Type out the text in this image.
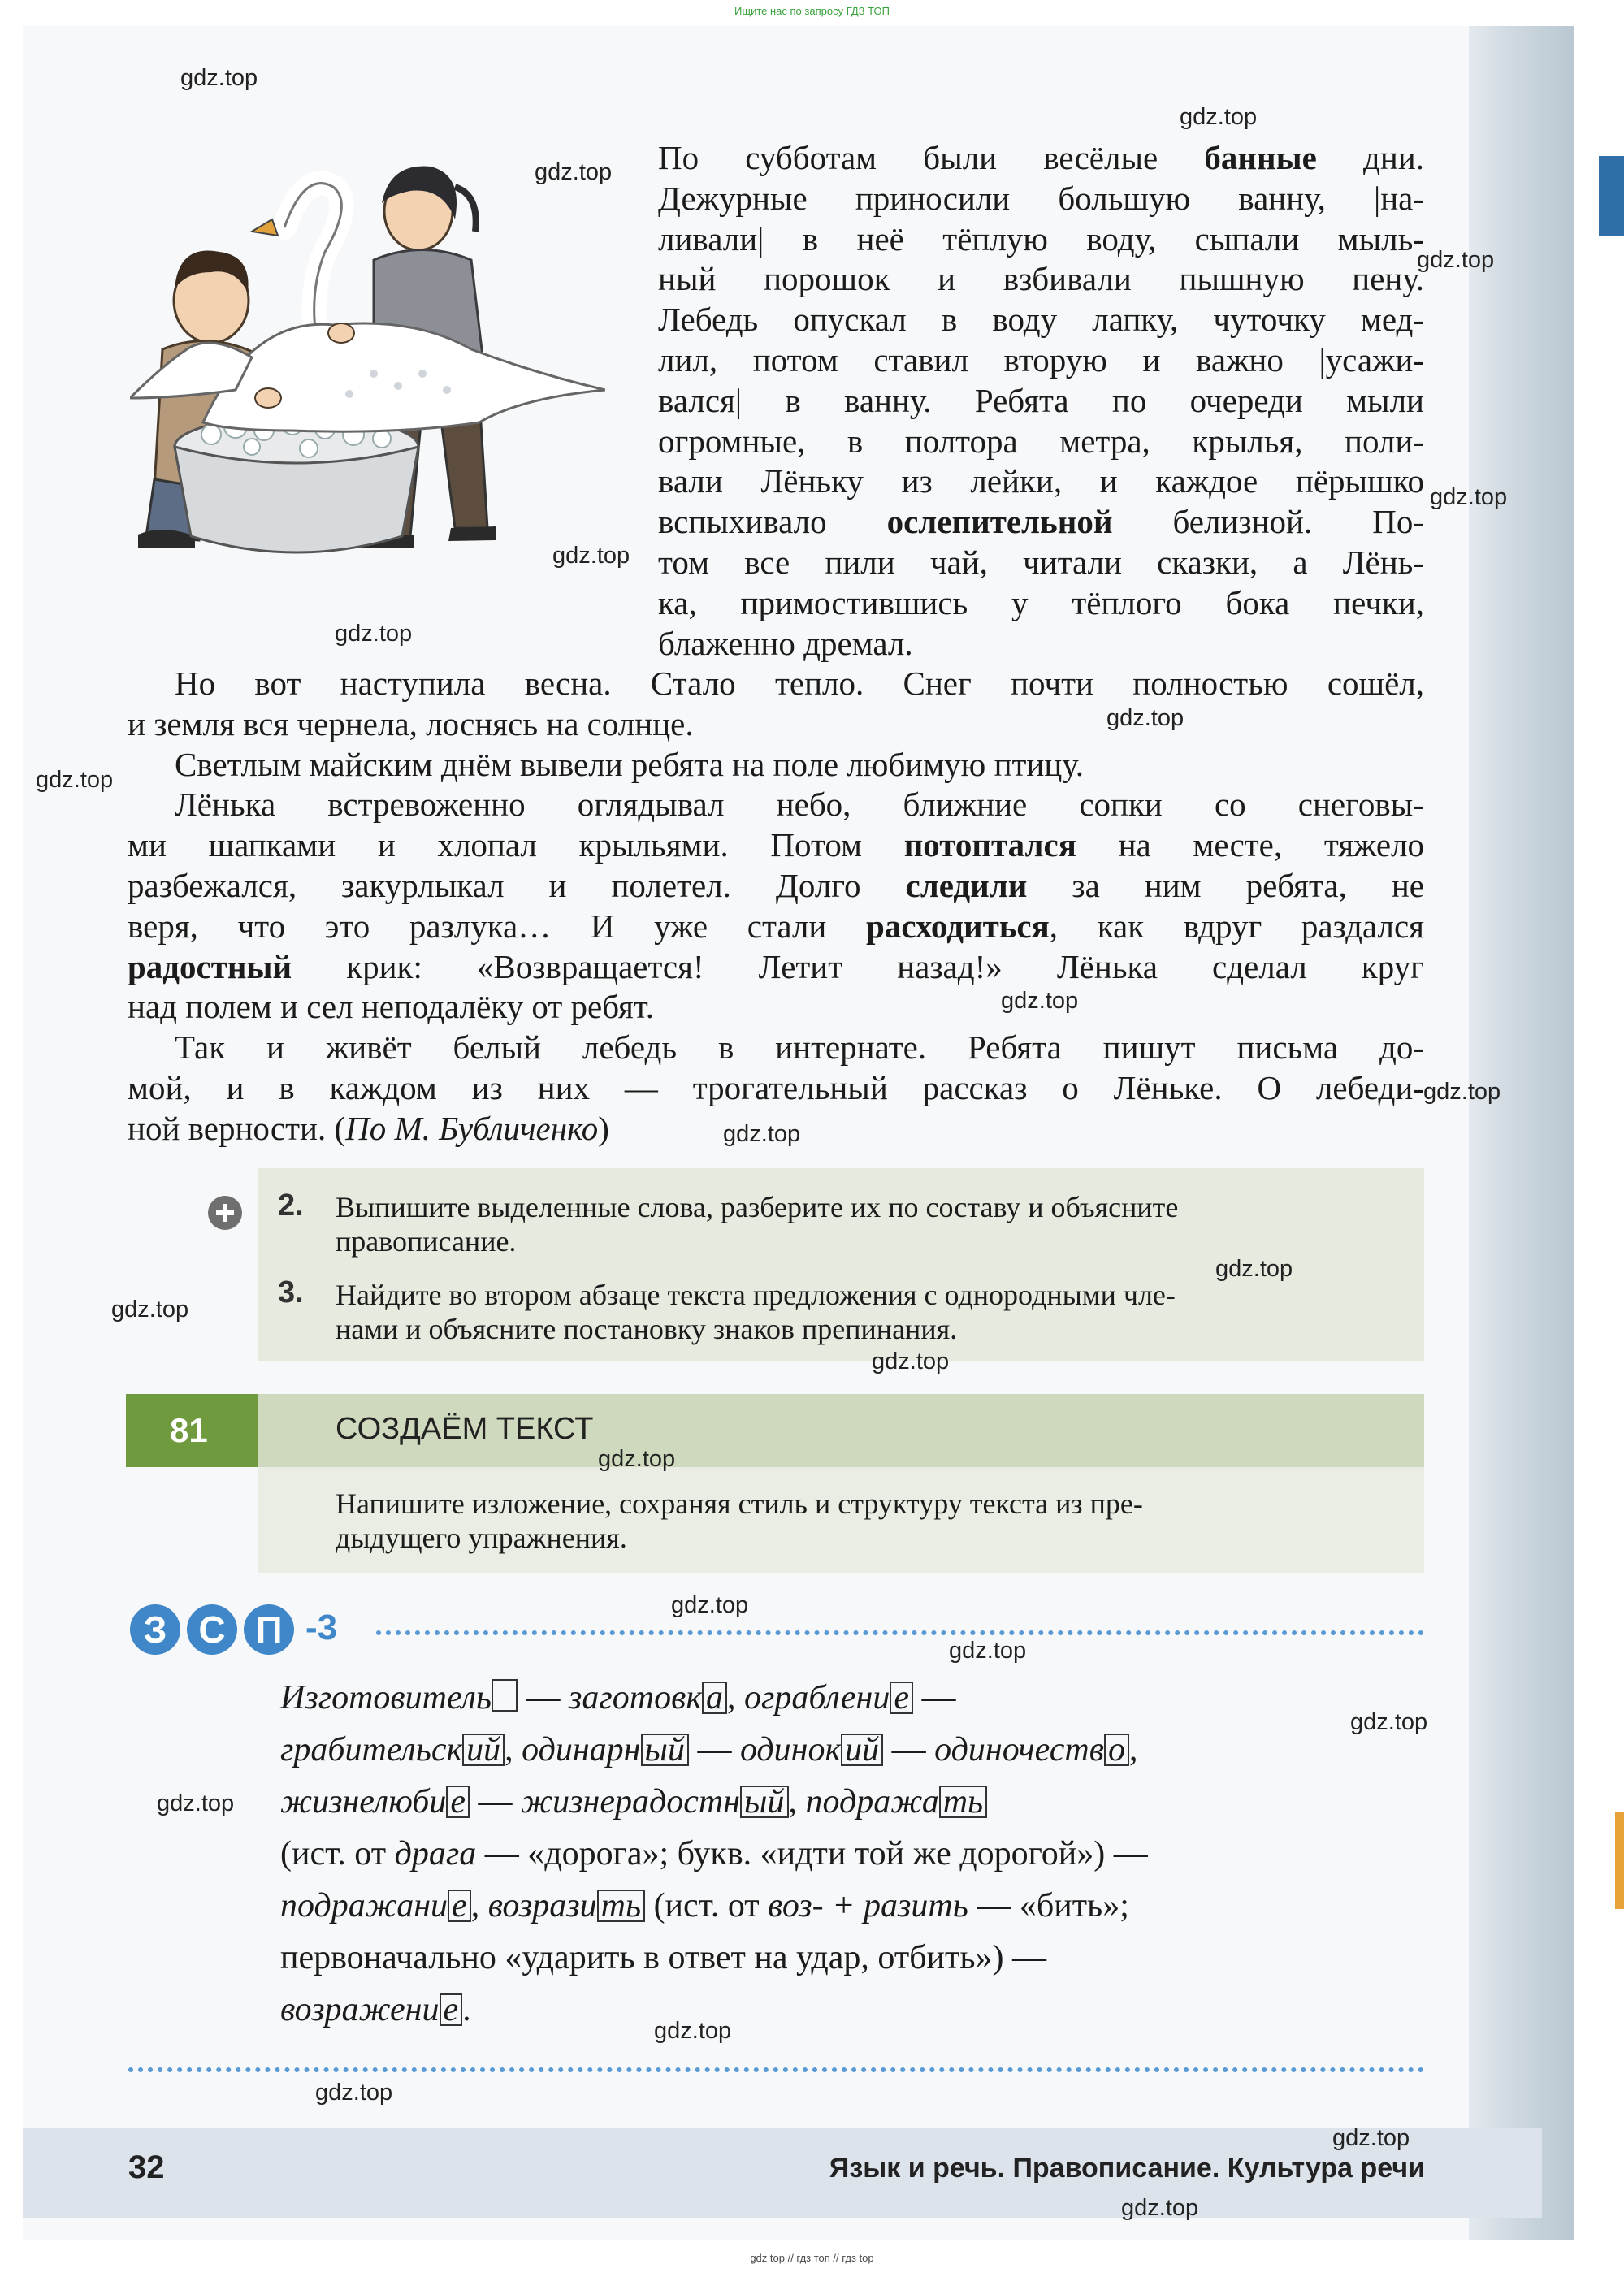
Ищите нас по запросу ГДЗ ТОП
По субботам были весёлые банные дни.
Дежурные приносили большую ванну, |на-
ливали| в неё тёплую воду, сыпали мыль-
ный порошок и взбивали пышную пену.
Лебедь опускал в воду лапку, чуточку мед-
лил, потом ставил вторую и важно |усажи-
вался| в ванну. Ребята по очереди мыли
огромные, в полтора метра, крылья, поли-
вали Лёньку из лейки, и каждое пёрышко
вспыхивало ослепительной белизной. По-
том все пили чай, читали сказки, а Лёнь-
ка, примостившись у тёплого бока печки,
блаженно дремал.
Но вот наступила весна. Стало тепло. Снег почти полностью сошёл,
и земля вся чернела, лоснясь на солнце.
Светлым майским днём вывели ребята на поле любимую птицу.
Лёнька встревоженно оглядывал небо, ближние сопки со снеговы-
ми шапками и хлопал крыльями. Потом потоптался на месте, тяжело
разбежался, закурлыкал и полетел. Долго следили за ним ребята, не
веря, что это разлука… И уже стали расходиться, как вдруг раздался
радостный крик: «Возвращается! Летит назад!» Лёнька сделал круг
над полем и сел неподалёку от ребят.
Так и живёт белый лебедь в интернате. Ребята пишут письма до-
мой, и в каждом из них — трогательный рассказ о Лёньке. О лебеди-
ной верности. (По М. Бубличенко)
2. Выпишите выделенные слова, разберите их по составу и объясните
правописание.
3. Найдите во втором абзаце текста предложения с однородными чле-
нами и объясните постановку знаков препинания.
81	СОЗДАЁМ ТЕКСТ
Напишите изложение, сохраняя стиль и структуру текста из пре-
дыдущего упражнения.
З С П -3
Изготовитель — заготовк а , ограблени е —
грабительск ий , одинарн ый — одинок ий — одиночеств о ,
жизнелюби е — жизнерадостн ый , подража ть
(ист. от драга — «дорога»; букв. «идти той же дорогой») —
подражани е , возрази ть (ист. от воз- + разить — «бить»;
первоначально «ударить в ответ на удар, отбить») —
возражени е .
32	Язык и речь. Правописание. Культура речи
gdz.top
gdz.top
gdz.top
gdz.top
gdz.top
gdz.top
gdz.top
gdz.top
gdz.top
gdz.top
gdz.top
gdz.top
gdz.top
gdz.top
gdz.top
gdz.top
gdz.top
gdz.top
gdz.top
gdz.top
gdz.top
gdz.top
gdz.top
gdz.top
gdz top // гдз топ // гдз top
